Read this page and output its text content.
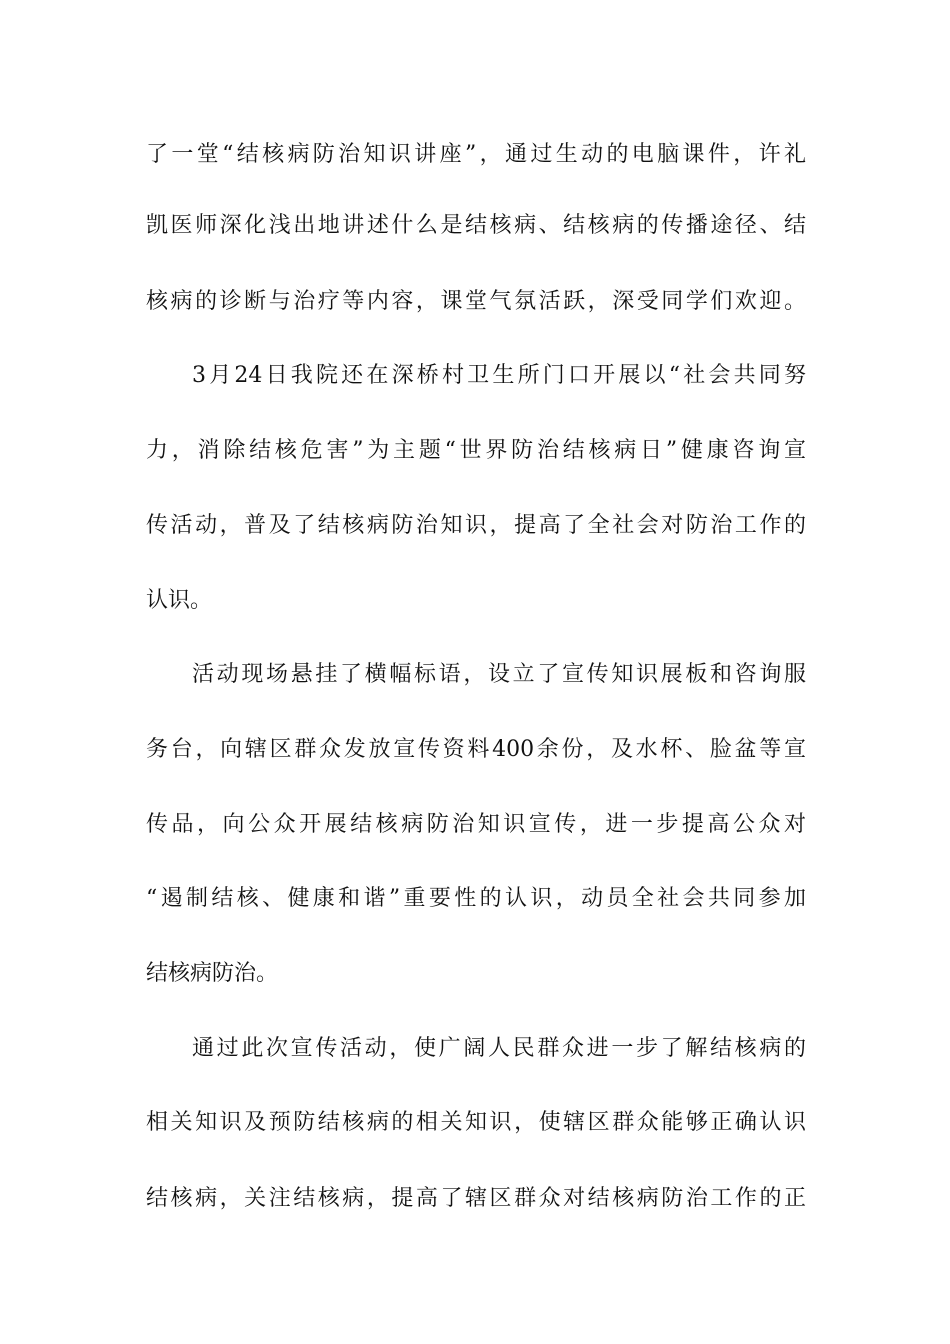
了一堂“结核病防治知识讲座”，通过生动的电脑课件，许礼
凯医师深化浅出地讲述什么是结核病、结核病的传播途径、结
核病的诊断与治疗等内容，课堂气氛活跃，深受同学们欢迎。
3月24日我院还在深桥村卫生所门口开展以“社会共同努
力，消除结核危害”为主题“世界防治结核病日”健康咨询宣
传活动，普及了结核病防治知识，提高了全社会对防治工作的
认识。
活动现场悬挂了横幅标语，设立了宣传知识展板和咨询服
务台，向辖区群众发放宣传资料400余份，及水杯、脸盆等宣
传品，向公众开展结核病防治知识宣传，进一步提高公众对
“遏制结核、健康和谐”重要性的认识，动员全社会共同参加
结核病防治。
通过此次宣传活动，使广阔人民群众进一步了解结核病的
相关知识及预防结核病的相关知识，使辖区群众能够正确认识
结核病，关注结核病，提高了辖区群众对结核病防治工作的正
